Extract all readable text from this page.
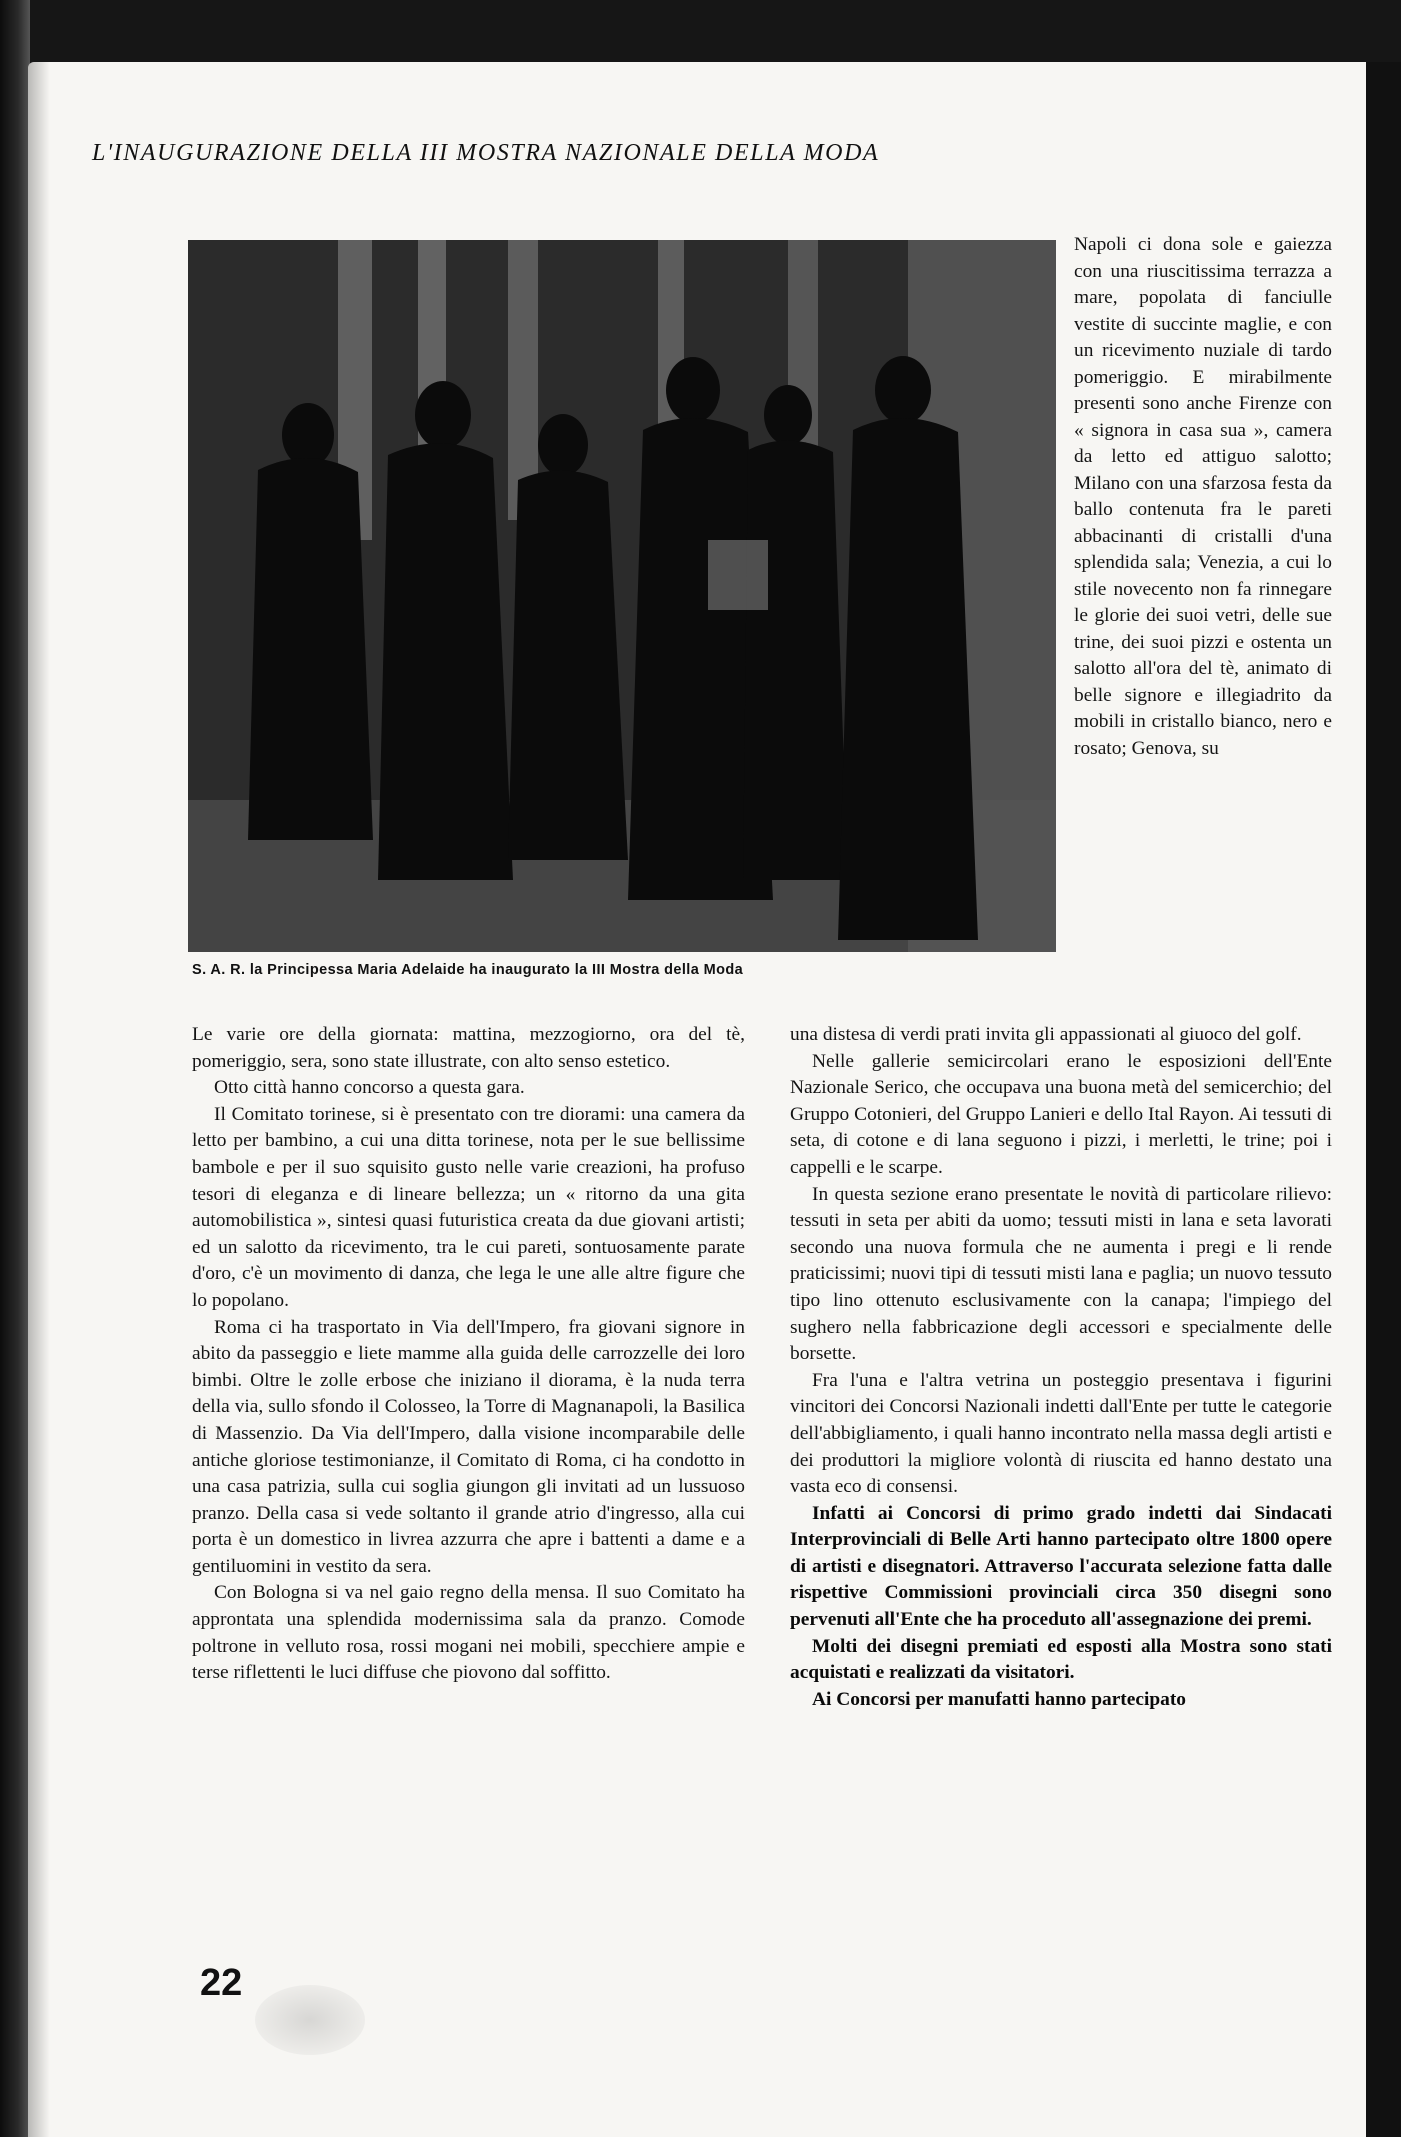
L'INAUGURAZIONE DELLA III MOSTRA NAZIONALE DELLA MODA
S. A. R. la Principessa Maria Adelaide ha inaugurato la III Mostra della Moda

Napoli ci dona sole e gaiezza con una riuscitissima terrazza a mare, popolata di fanciulle vestite di succinte maglie, e con un ricevimento nuziale di tardo pomeriggio. E mirabilmente presenti sono anche Firenze con « signora in casa sua », camera da letto ed attiguo salotto; Milano con una sfarzosa festa da ballo contenuta fra le pareti abbacinanti di cristalli d'una splendida sala; Venezia, a cui lo stile novecento non fa rinnegare le glorie dei suoi vetri, delle sue trine, dei suoi pizzi e ostenta un salotto all'ora del tè, animato di belle signore e illegiadrito da mobili in cristallo bianco, nero e rosato; Genova, su

Le varie ore della giornata: mattina, mezzogiorno, ora del tè, pomeriggio, sera, sono state illustrate, con alto senso estetico.

Otto città hanno concorso a questa gara.

Il Comitato torinese, si è presentato con tre diorami: una camera da letto per bambino, a cui una ditta torinese, nota per le sue bellissime bambole e per il suo squisito gusto nelle varie creazioni, ha profuso tesori di eleganza e di lineare bellezza; un « ritorno da una gita automobilistica », sintesi quasi futuristica creata da due giovani artisti; ed un salotto da ricevimento, tra le cui pareti, sontuosamente parate d'oro, c'è un movimento di danza, che lega le une alle altre figure che lo popolano.

Roma ci ha trasportato in Via dell'Impero, fra giovani signore in abito da passeggio e liete mamme alla guida delle carrozzelle dei loro bimbi. Oltre le zolle erbose che iniziano il diorama, è la nuda terra della via, sullo sfondo il Colosseo, la Torre di Magnanapoli, la Basilica di Massenzio. Da Via dell'Impero, dalla visione incomparabile delle antiche gloriose testimonianze, il Comitato di Roma, ci ha condotto in una casa patrizia, sulla cui soglia giungon gli invitati ad un lussuoso pranzo. Della casa si vede soltanto il grande atrio d'ingresso, alla cui porta è un domestico in livrea azzurra che apre i battenti a dame e a gentiluomini in vestito da sera.

Con Bologna si va nel gaio regno della mensa. Il suo Comitato ha approntata una splendida modernissima sala da pranzo. Comode poltrone in velluto rosa, rossi mogani nei mobili, specchiere ampie e terse riflettenti le luci diffuse che piovono dal soffitto.

una distesa di verdi prati invita gli appassionati al giuoco del golf.

Nelle gallerie semicircolari erano le esposizioni dell'Ente Nazionale Serico, che occupava una buona metà del semicerchio; del Gruppo Cotonieri, del Gruppo Lanieri e dello Ital Rayon. Ai tessuti di seta, di cotone e di lana seguono i pizzi, i merletti, le trine; poi i cappelli e le scarpe.

In questa sezione erano presentate le novità di particolare rilievo: tessuti in seta per abiti da uomo; tessuti misti in lana e seta lavorati secondo una nuova formula che ne aumenta i pregi e li rende praticissimi; nuovi tipi di tessuti misti lana e paglia; un nuovo tessuto tipo lino ottenuto esclusivamente con la canapa; l'impiego del sughero nella fabbricazione degli accessori e specialmente delle borsette.

Fra l'una e l'altra vetrina un posteggio presentava i figurini vincitori dei Concorsi Nazionali indetti dall'Ente per tutte le categorie dell'abbigliamento, i quali hanno incontrato nella massa degli artisti e dei produttori la migliore volontà di riuscita ed hanno destato una vasta eco di consensi.

Infatti ai Concorsi di primo grado indetti dai Sindacati Interprovinciali di Belle Arti hanno partecipato oltre 1800 opere di artisti e disegnatori. Attraverso l'accurata selezione fatta dalle rispettive Commissioni provinciali circa 350 disegni sono pervenuti all'Ente che ha proceduto all'assegnazione dei premi.

Molti dei disegni premiati ed esposti alla Mostra sono stati acquistati e realizzati da visitatori.

Ai Concorsi per manufatti hanno partecipato

22
